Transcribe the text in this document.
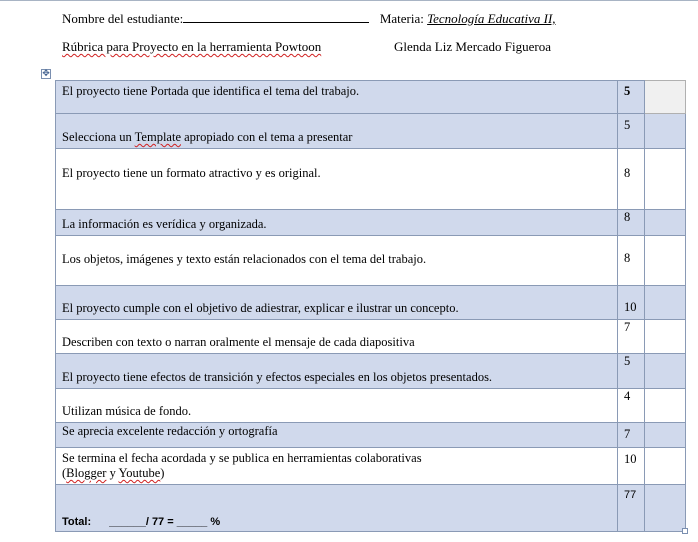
Nombre del estudiante:	Materia: Tecnología Educativa II,
Rúbrica para Proyecto en la herramienta Powtoon	Glenda Liz Mercado Figueroa
✥
El proyecto tiene Portada que identifica el tema del trabajo.	5	
Selecciona un Template apropiado con el tema a presentar	5	
El proyecto tiene un formato atractivo y es original.	8	
La información es verídica y organizada.	8	
Los objetos, imágenes y texto están relacionados con el tema del trabajo.	8	
El proyecto cumple con el objetivo de adiestrar, explicar e ilustrar un concepto.	10	
Describen con texto o narran oralmente el mensaje de cada diapositiva	7	
El proyecto tiene efectos de transición y efectos especiales en los objetos presentados.	5	
Utilizan música de fondo.	4	
Se aprecia excelente redacción y ortografía	7	
Se termina el fecha acordada y se publica en herramientas colaborativas
(Blogger y Youtube)	10	
Total: ______/ 77 = _____ %	77	
